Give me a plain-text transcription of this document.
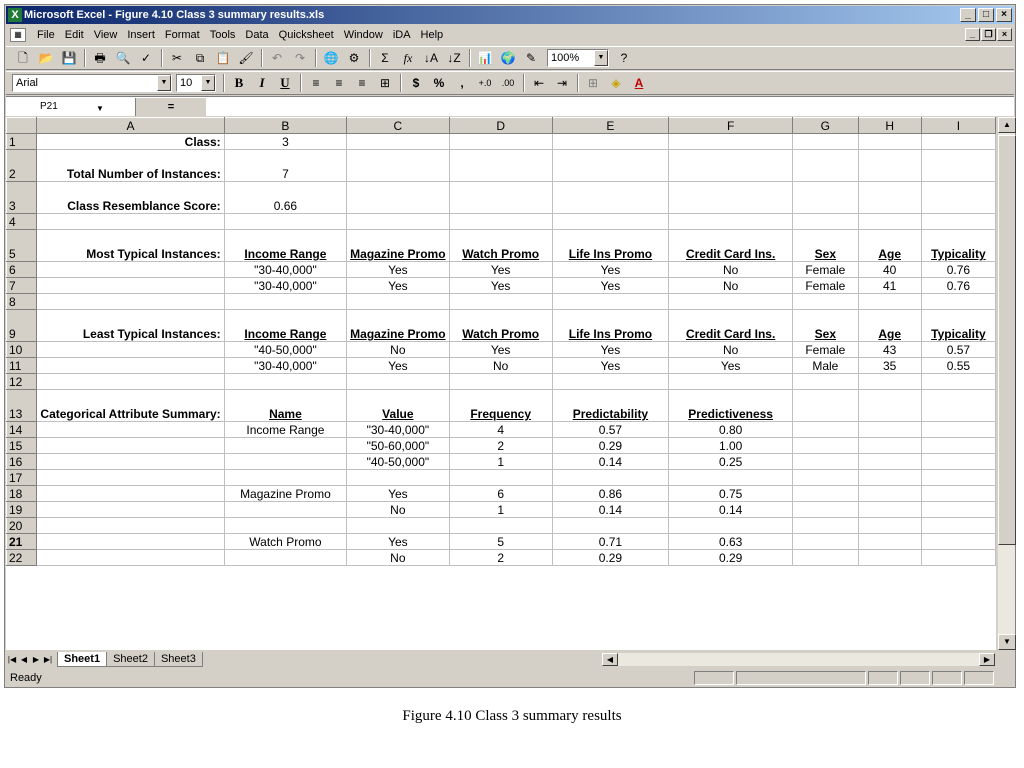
X Microsoft Excel - Figure 4.10 Class 3 summary results.xls	_	□	×
▦	File Edit View Insert Format Tools Data Quicksheet Window iDA Help	_	❐	×
🗋 📂 💾	🖶 🔍 ✓	✂	⧉ 📋 🖌	↶	↷	🌐 ⚙	Σ	fx ↓A ↓Z	📊 🌍 ✎	100%	▼	?
Arial	▼	10	▼	B	I	U	≡	≡	≡	⊞	$	%	,	+.0	.00	⇤	⇥	⊞	◈	A
P21	▼	=
	A	B	C	D	E	F	G	H	I
1	Class:	3							
2	Total Number of Instances:	7							
3	Class Resemblance Score:	0.66							
4									
5	Most Typical Instances:	Income Range	Magazine Promo	Watch Promo	Life Ins Promo	Credit Card Ins.	Sex	Age	Typicality
6		"30-40,000"	Yes	Yes	Yes	No	Female	40	0.76
7		"30-40,000"	Yes	Yes	Yes	No	Female	41	0.76
8									
9	Least Typical Instances:	Income Range	Magazine Promo	Watch Promo	Life Ins Promo	Credit Card Ins.	Sex	Age	Typicality
10		"40-50,000"	No	Yes	Yes	No	Female	43	0.57
11		"30-40,000"	Yes	No	Yes	Yes	Male	35	0.55
12									
13	Categorical Attribute Summary:	Name	Value	Frequency	Predictability	Predictiveness			
14		Income Range	"30-40,000"	4	0.57	0.80			
15			"50-60,000"	2	0.29	1.00			
16			"40-50,000"	1	0.14	0.25			
17									
18		Magazine Promo	Yes	6	0.86	0.75			
19			No	1	0.14	0.14			
20									
21		Watch Promo	Yes	5	0.71	0.63			
22			No	2	0.29	0.29			
▲
▼
|◀ ◀ ▶ ▶|	Sheet1	Sheet2	Sheet3	◀	▶
Ready
Figure 4.10 Class 3 summary results
